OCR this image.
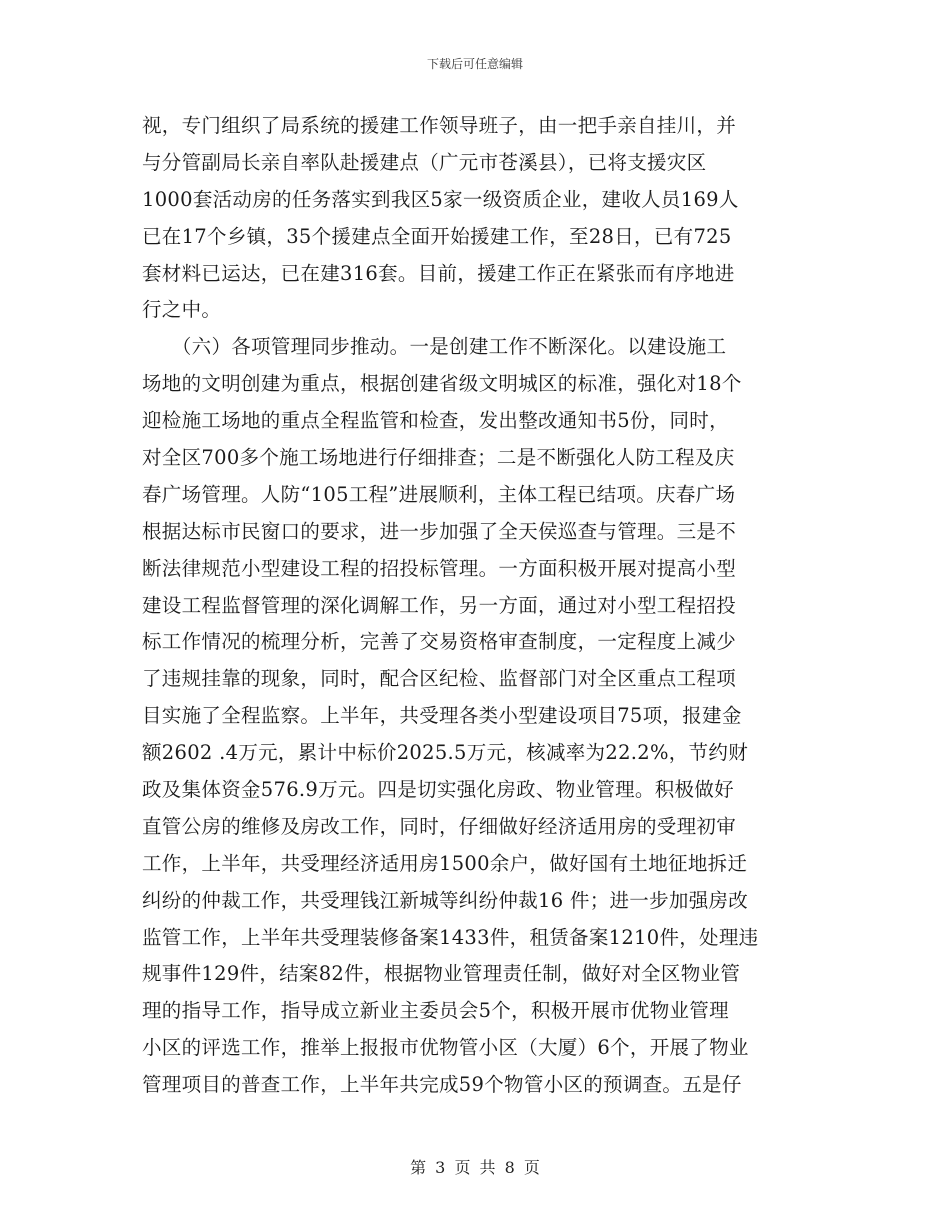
下载后可任意编辑
视，专门组织了局系统的援建工作领导班子，由一把手亲自挂川，并
与分管副局长亲自率队赴援建点（广元市苍溪县），已将支援灾区
1000套活动房的任务落实到我区5家一级资质企业，建收人员169人
已在17个乡镇，35个援建点全面开始援建工作，至28日，已有725
套材料已运达，已在建316套。目前，援建工作正在紧张而有序地进
行之中。
　　（六）各项管理同步推动。一是创建工作不断深化。以建设施工
场地的文明创建为重点，根据创建省级文明城区的标准，强化对18个
迎检施工场地的重点全程监管和检查，发出整改通知书5份，同时，
对全区700多个施工场地进行仔细排查；二是不断强化人防工程及庆
春广场管理。人防“105工程”进展顺利，主体工程已结项。庆春广场
根据达标市民窗口的要求，进一步加强了全天侯巡查与管理。三是不
断法律规范小型建设工程的招投标管理。一方面积极开展对提高小型
建设工程监督管理的深化调解工作，另一方面，通过对小型工程招投
标工作情况的梳理分析，完善了交易资格审查制度，一定程度上减少
了违规挂靠的现象，同时，配合区纪检、监督部门对全区重点工程项
目实施了全程监察。上半年，共受理各类小型建设项目75项，报建金
额2602 .4万元，累计中标价2025.5万元，核减率为22.2%，节约财
政及集体资金576.9万元。四是切实强化房政、物业管理。积极做好
直管公房的维修及房改工作，同时，仔细做好经济适用房的受理初审
工作，上半年，共受理经济适用房1500余户，做好国有土地征地拆迁
纠纷的仲裁工作，共受理钱江新城等纠纷仲裁16 件；进一步加强房改
监管工作，上半年共受理装修备案1433件，租赁备案1210件，处理违
规事件129件，结案82件，根据物业管理责任制，做好对全区物业管
理的指导工作，指导成立新业主委员会5个，积极开展市优物业管理
小区的评选工作，推举上报报市优物管小区（大厦）6个，开展了物业
管理项目的普查工作，上半年共完成59个物管小区的预调查。五是仔
第 3 页 共 8 页
